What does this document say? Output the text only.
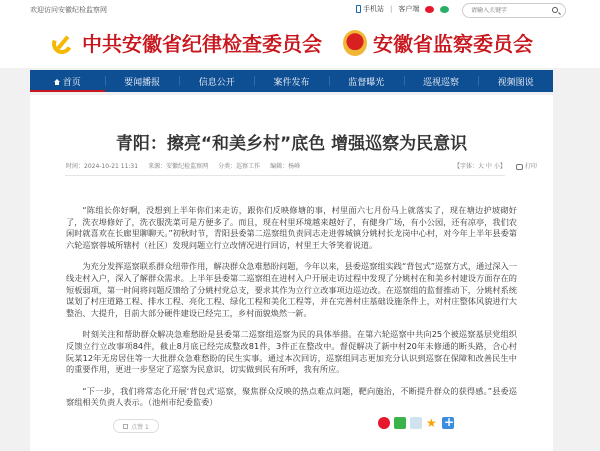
欢迎访问安徽纪检监察网	手机站 | 客户端
请输入关键字
中共安徽省纪律检查委员会	安徽省监察委员会
首页	要闻播报	信息公开	案件发布	监督曝光	巡视巡察	视频图说
青阳：擦亮“和美乡村”底色 增强巡察为民意识
时间：2024-10-21 11:31 来源：安徽纪检监察网 分类：巡察工作 编辑：杨峰	【字体：大 中 小】	打印

“陈组长你好啊，没想到上半年你们来走访，跟你们反映修塘的事，村里面六七月份马上就落实了，现在塘边护坡砌好了，洗衣埠修好了，洗衣服洗菜可是方便多了。而且，现在村里环境越来越好了，有健身广场，有小公园，还有凉亭，我们农闲时就喜欢在长廊里聊聊天。”初秋时节，青阳县委第二巡察组负责同志走进蓉城镇分姚村长龙岗中心村，对今年上半年县委第六轮巡察蓉城所辖村（社区）发现问题立行立改情况进行回访，村里王大爷笑着说道。

为充分发挥巡察联系群众纽带作用，解决群众急难愁盼问题，今年以来，县委巡察组实践“背包式”巡察方式，通过深入一线走村入户，深入了解群众需求。上半年县委第二巡察组在进村入户开展走访过程中发现了分姚村在和美乡村建设方面存在的短板弱项，第一时间将问题反馈给了分姚村党总支，要求其作为立行立改事项边巡边改。在巡察组的监督推动下，分姚村系统谋划了村庄道路工程、排水工程、亮化工程、绿化工程和美化工程等，并在完善村庄基础设施条件上，对村庄整体风貌进行大整治、大提升，目前大部分硬件建设已经完工，乡村面貌焕然一新。

时刻关注和帮助群众解决急难愁盼是县委第二巡察组巡察为民的具体举措。在第六轮巡察中共向25个被巡察基层党组织反馈立行立改事项84件，截止8月底已经完成整改81件，3件正在整改中。督促解决了新中村20年未修通的断头路，合心村阮某12年无房居住等一大批群众急难愁盼的民生实事。通过本次回访，巡察组同志更加充分认识到巡察在保障和改善民生中的重要作用，更进一步坚定了巡察为民意识，切实做到民有所呼，我有所应。

“下一步，我们将常态化开展‘背包式’巡察，聚焦群众反映的热点难点问题，靶向施治，不断提升群众的获得感。”县委巡察组相关负责人表示。（池州市纪委监委）

点赞 1
★
+
